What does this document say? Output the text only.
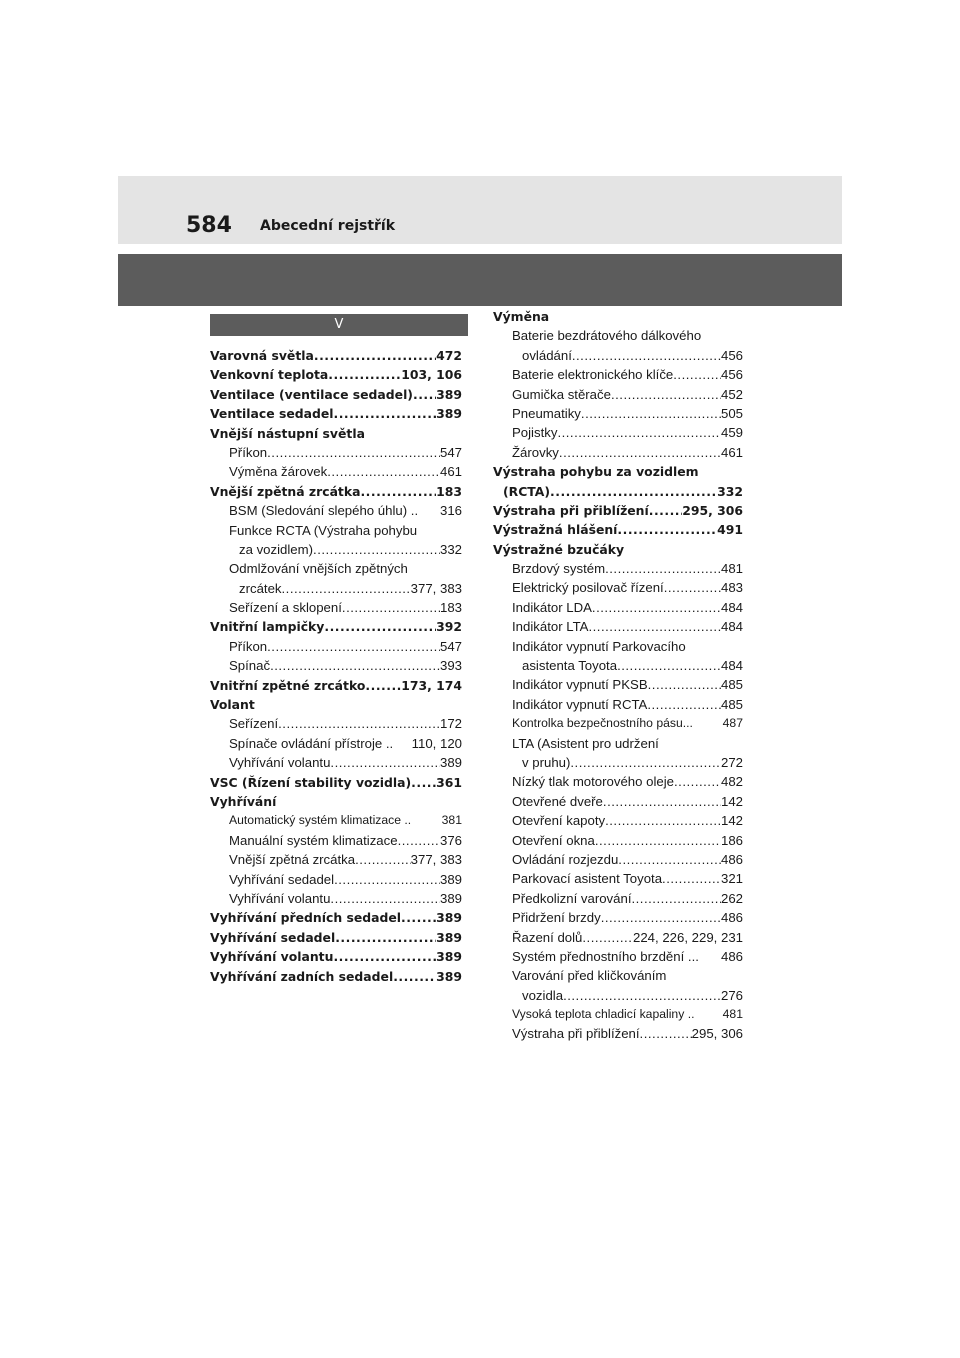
584 Abecední rejstřík
V
Varovná světla .....	472
Venkovní teplota .....	103, 106
Ventilace (ventilace sedadel) ..... 389
Ventilace sedadel .....	389
Vnější nástupní světla
Příkon .....	547
Výměna žárovek .....	461
Vnější zpětná zrcátka .....	183
BSM (Sledování slepého úhlu) .. 316
Funkce RCTA (Výstraha pohybu
za vozidlem) .....	332
Odmlžování vnějších zpětných
zrcátek .....	377, 383
Seřízení a sklopení .....	183
Vnitřní lampičky .....	392
Příkon .....	547
Spínač .....	393
Vnitřní zpětné zrcátko .....	173, 174
Volant
Seřízení .....	172
Spínače ovládání přístroje .. 110, 120
Vyhřívání volantu .....	389
VSC (Řízení stability vozidla) ..... 361
Vyhřívání
Automatický systém klimatizace .. 381
Manuální systém klimatizace .....	376
Vnější zpětná zrcátka .....	377, 383
Vyhřívání sedadel .....	389
Vyhřívání volantu .....	389
Vyhřívání předních sedadel .....	389
Vyhřívání sedadel .....	389
Vyhřívání volantu .....	389
Vyhřívání zadních sedadel .....	389
Výměna
Baterie bezdrátového dálkového
ovládání .....	456
Baterie elektronického klíče .....	456
Gumička stěrače .....	452
Pneumatiky .....	505
Pojistky .....	459
Žárovky .....	461
Výstraha pohybu za vozidlem
(RCTA) .....	332
Výstraha při přiblížení .....	295, 306
Výstražná hlášení .....	491
Výstražné bzučáky
Brzdový systém .....	481
Elektrický posilovač řízení .....	483
Indikátor LDA .....	484
Indikátor LTA .....	484
Indikátor vypnutí Parkovacího
asistenta Toyota .....	484
Indikátor vypnutí PKSB .....	485
Indikátor vypnutí RCTA .....	485
Kontrolka bezpečnostního pásu... 487
LTA (Asistent pro udržení
v pruhu) .....	272
Nízký tlak motorového oleje .....	482
Otevřené dveře .....	142
Otevření kapoty .....	142
Otevření okna .....	186
Ovládání rozjezdu .....	486
Parkovací asistent Toyota .....	321
Předkolizní varování .....	262
Přidržení brzdy .....	486
Řazení dolů .....	224, 226, 229, 231
Systém přednostního brzdění ... 486
Varování před kličkováním
vozidla .....	276
Vysoká teplota chladicí kapaliny .. 481
Výstraha při přiblížení .....	295, 306
